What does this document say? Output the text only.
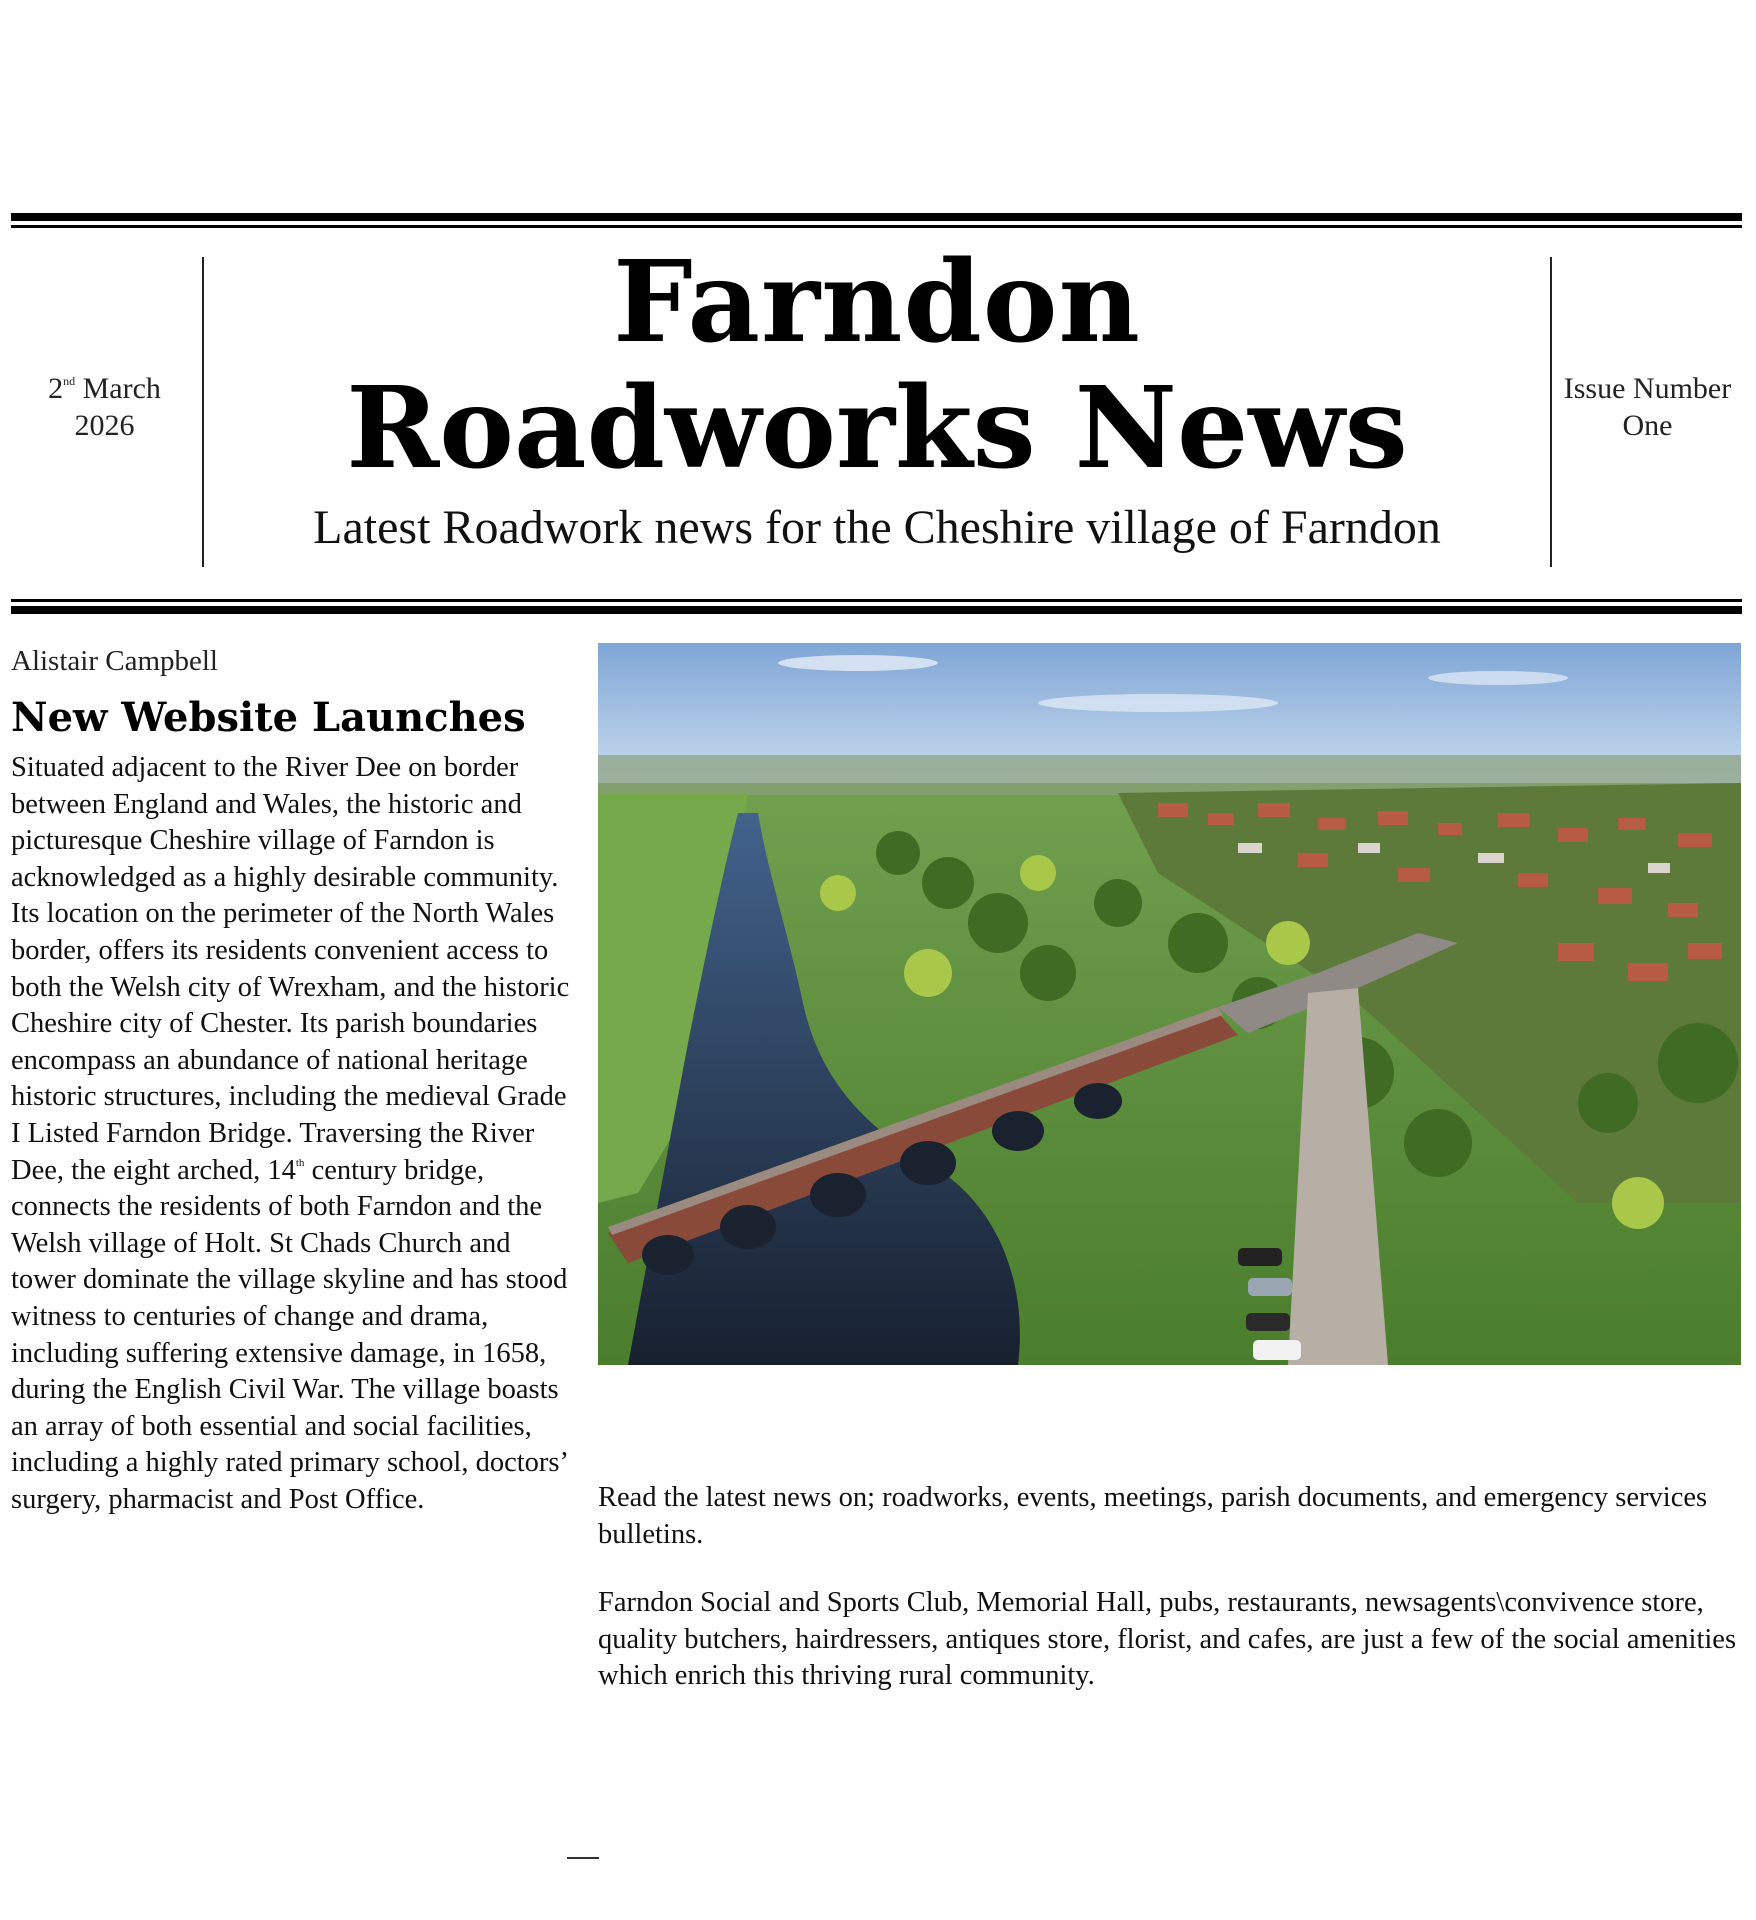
2nd March
2026
Farndon
Roadworks News
Latest Roadwork news for the Cheshire village of Farndon
Issue Number
One
Alistair Campbell
New Website Launches
Situated adjacent to the River Dee on border between England and Wales, the historic and picturesque Cheshire village of Farndon is acknowledged as a highly desirable community. Its location on the perimeter of the North Wales border, offers its residents convenient access to both the Welsh city of Wrexham, and the historic Cheshire city of Chester. Its parish boundaries encompass an abundance of national heritage historic structures, including the medieval Grade I Listed Farndon Bridge. Traversing the River Dee, the eight arched, 14th century bridge, connects the residents of both Farndon and the Welsh village of Holt. St Chads Church and tower dominate the village skyline and has stood witness to centuries of change and drama, including suffering extensive damage, in 1658, during the English Civil War. The village boasts an array of both essential and social facilities, including a highly rated primary school, doctors’ surgery, pharmacist and Post Office.	Read the latest news on; roadworks, events, meetings, parish documents, and emergency services bulletins.
Farndon Social and Sports Club, Memorial Hall, pubs, restaurants, newsagents\convivence store, quality butchers, hairdressers, antiques store, florist, and cafes, are just a few of the social amenities which enrich this thriving rural community.
